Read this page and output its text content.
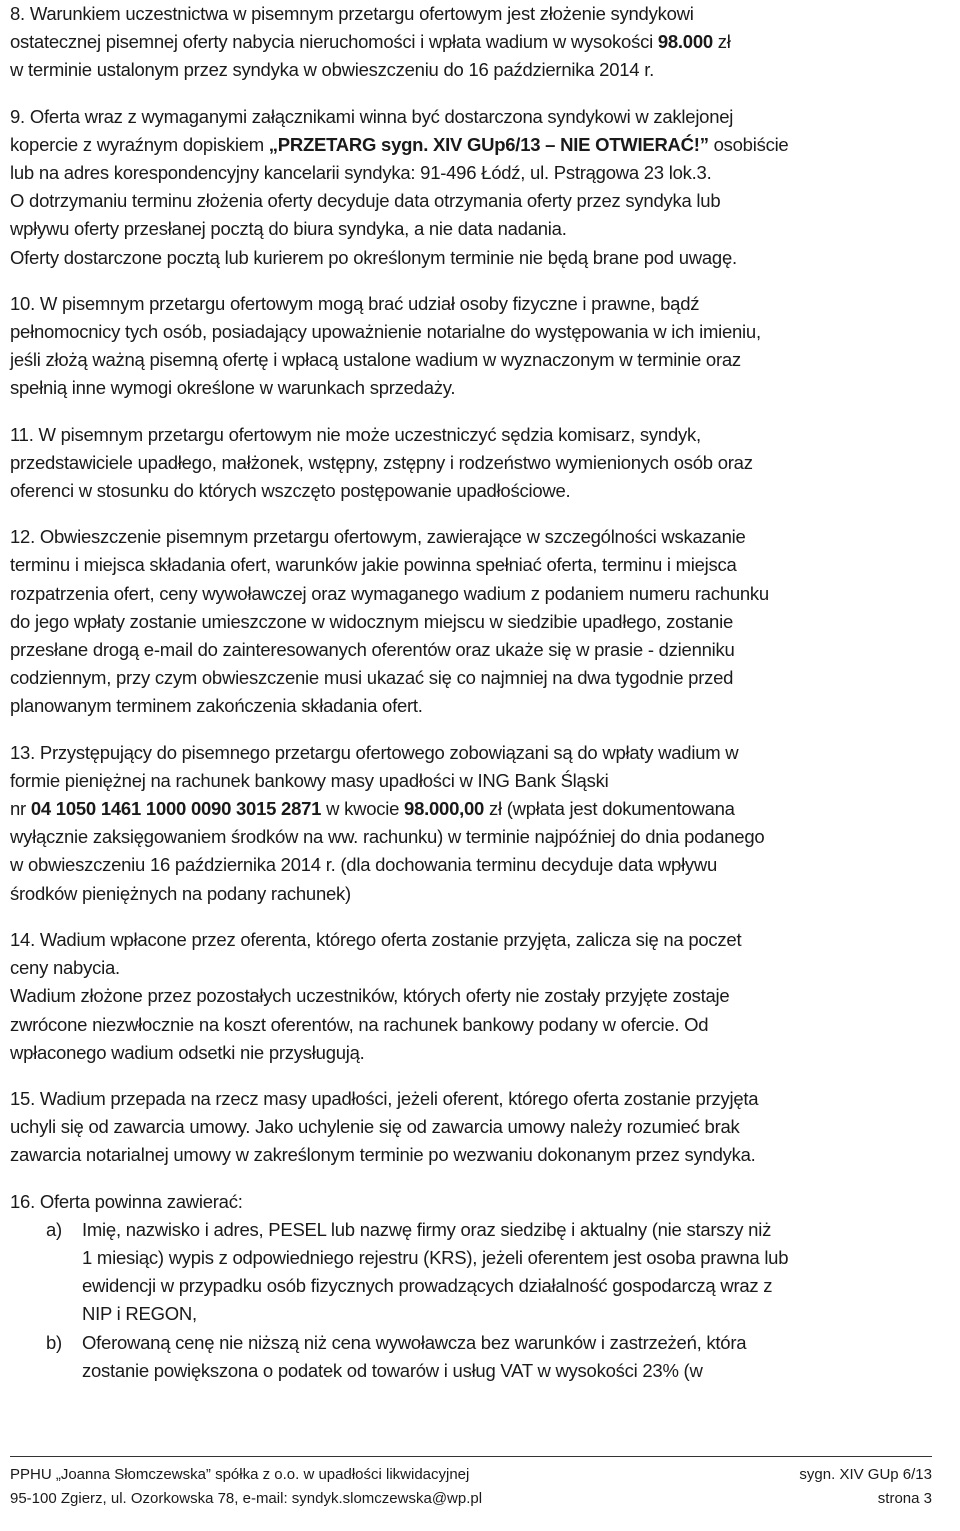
8. Warunkiem uczestnictwa w pisemnym przetargu ofertowym jest złożenie syndykowi
ostatecznej pisemnej oferty nabycia nieruchomości i wpłata wadium w wysokości 98.000 zł
w terminie ustalonym przez syndyka w obwieszczeniu do 16 października 2014 r.

9. Oferta wraz z wymaganymi załącznikami winna być dostarczona syndykowi w zaklejonej
kopercie z wyraźnym dopiskiem „PRZETARG sygn. XIV GUp6/13 – NIE OTWIERAĆ!” osobiście
lub na adres korespondencyjny kancelarii syndyka: 91-496 Łódź, ul. Pstrągowa 23 lok.3.
O dotrzymaniu terminu złożenia oferty decyduje data otrzymania oferty przez syndyka lub
wpływu oferty przesłanej pocztą do biura syndyka, a nie data nadania.
Oferty dostarczone pocztą lub kurierem po określonym terminie nie będą brane pod uwagę.

10. W pisemnym przetargu ofertowym mogą brać udział osoby fizyczne i prawne, bądź
pełnomocnicy tych osób, posiadający upoważnienie notarialne do występowania w ich imieniu,
jeśli złożą ważną pisemną ofertę i wpłacą ustalone wadium w wyznaczonym w terminie oraz
spełnią inne wymogi określone w warunkach sprzedaży.

11. W pisemnym przetargu ofertowym nie może uczestniczyć sędzia komisarz, syndyk,
przedstawiciele upadłego, małżonek, wstępny, zstępny i rodzeństwo wymienionych osób oraz
oferenci w stosunku do których wszczęto postępowanie upadłościowe.

12. Obwieszczenie pisemnym przetargu ofertowym, zawierające w szczególności wskazanie
terminu i miejsca składania ofert, warunków jakie powinna spełniać oferta, terminu i miejsca
rozpatrzenia ofert, ceny wywoławczej oraz wymaganego wadium z podaniem numeru rachunku
do jego wpłaty zostanie umieszczone w widocznym miejscu w siedzibie upadłego, zostanie
przesłane drogą e-mail do zainteresowanych oferentów oraz ukaże się w prasie - dzienniku
codziennym, przy czym obwieszczenie musi ukazać się co najmniej na dwa tygodnie przed
planowanym terminem zakończenia składania ofert.

13. Przystępujący do pisemnego przetargu ofertowego zobowiązani są do wpłaty wadium w
formie pieniężnej na rachunek bankowy masy upadłości w ING Bank Śląski
nr 04 1050 1461 1000 0090 3015 2871 w kwocie 98.000,00 zł (wpłata jest dokumentowana
wyłącznie zaksięgowaniem środków na ww. rachunku) w terminie najpóźniej do dnia podanego
w obwieszczeniu 16 października 2014 r. (dla dochowania terminu decyduje data wpływu
środków pieniężnych na podany rachunek)

14. Wadium wpłacone przez oferenta, którego oferta zostanie przyjęta, zalicza się na poczet
ceny nabycia.
Wadium złożone przez pozostałych uczestników, których oferty nie zostały przyjęte zostaje
zwrócone niezwłocznie na koszt oferentów, na rachunek bankowy podany w ofercie. Od
wpłaconego wadium odsetki nie przysługują.

15. Wadium przepada na rzecz masy upadłości, jeżeli oferent, którego oferta zostanie przyjęta
uchyli się od zawarcia umowy. Jako uchylenie się od zawarcia umowy należy rozumieć brak
zawarcia notarialnej umowy w zakreślonym terminie po wezwaniu dokonanym przez syndyka.

16. Oferta powinna zawierać:
a) Imię, nazwisko i adres, PESEL lub nazwę firmy oraz siedzibę i aktualny (nie starszy niż
1 miesiąc) wypis z odpowiedniego rejestru (KRS), jeżeli oferentem jest osoba prawna lub
ewidencji w przypadku osób fizycznych prowadzących działalność gospodarczą wraz z
NIP i REGON,
b) Oferowaną cenę nie niższą niż cena wywoławcza bez warunków i zastrzeżeń, która
zostanie powiększona o podatek od towarów i usług VAT w wysokości 23% (w
PPHU „Joanna Słomczewska” spółka z o.o. w upadłości likwidacyjnej	sygn. XIV GUp 6/13
95-100 Zgierz, ul. Ozorkowska 78, e-mail: syndyk.slomczewska@wp.pl	strona 3
